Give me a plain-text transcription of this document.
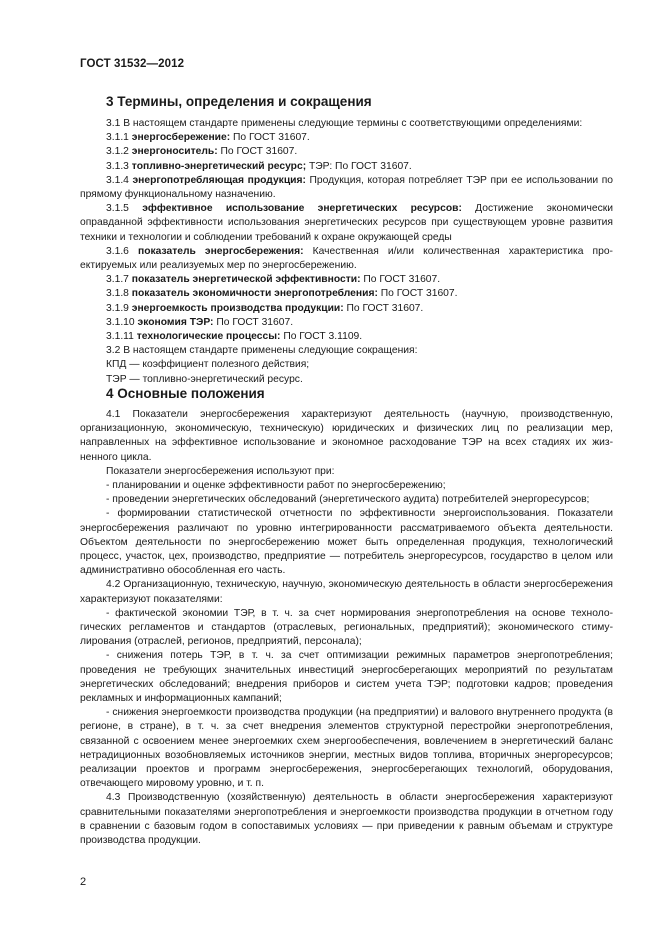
ГОСТ 31532—2012
3 Термины, определения и сокращения

3.1 В настоящем стандарте применены следующие термины с соответствующими определениями:

3.1.1 энергосбережение: По ГОСТ 31607.

3.1.2 энергоноситель: По ГОСТ 31607.

3.1.3 топливно-энергетический ресурс; ТЭР: По ГОСТ 31607.

3.1.4 энергопотребляющая продукция: Продукция, которая потребляет ТЭР при ее использовании по прямому функциональному назначению.

3.1.5 эффективное использование энергетических ресурсов: Достижение экономически оправданной эффективности использования энергетических ресурсов при существующем уровне развития техники и технологии и соблюдении требований к охране окружающей среды

3.1.6 показатель энергосбережения: Качественная и/или количественная характеристика проектируемых или реализуемых мер по энергосбережению.

3.1.7 показатель энергетической эффективности: По ГОСТ 31607.

3.1.8 показатель экономичности энергопотребления: По ГОСТ 31607.

3.1.9 энергоемкость производства продукции: По ГОСТ 31607.

3.1.10 экономия ТЭР: По ГОСТ 31607.

3.1.11 технологические процессы: По ГОСТ 3.1109.

3.2 В настоящем стандарте применены следующие сокращения:

КПД — коэффициент полезного действия;

ТЭР — топливно-энергетический ресурс.

4 Основные положения

4.1 Показатели энергосбережения характеризуют деятельность (научную, производственную, организационную, экономическую, техническую) юридических и физических лиц по реализации мер, направленных на эффективное использование и экономное расходование ТЭР на всех стадиях их жизненного цикла.

Показатели энергосбережения используют при:

- планировании и оценке эффективности работ по энергосбережению;

- проведении энергетических обследований (энергетического аудита) потребителей энергоресурсов;

- формировании статистической отчетности по эффективности энергоиспользования. Показатели энергосбережения различают по уровню интегрированности рассматриваемого объекта деятельности. Объектом деятельности по энергосбережению может быть определенная продукция, технологический процесс, участок, цех, производство, предприятие — потребитель энергоресурсов, государство в целом или административно обособленная его часть.

4.2 Организационную, техническую, научную, экономическую деятельность в области энергосбережения характеризуют показателями:

- фактической экономии ТЭР, в т. ч. за счет нормирования энергопотребления на основе технологических регламентов и стандартов (отраслевых, региональных, предприятий); экономического стимулирования (отраслей, регионов, предприятий, персонала);

- снижения потерь ТЭР, в т. ч. за счет оптимизации режимных параметров энергопотребления; проведения не требующих значительных инвестиций энергосберегающих мероприятий по результатам энергетических обследований; внедрения приборов и систем учета ТЭР; подготовки кадров; проведения рекламных и информационных кампаний;

- снижения энергоемкости производства продукции (на предприятии) и валового внутреннего продукта (в регионе, в стране), в т. ч. за счет внедрения элементов структурной перестройки энергопотребления, связанной с освоением менее энергоемких схем энергообеспечения, вовлечением в энергетический баланс нетрадиционных возобновляемых источников энергии, местных видов топлива, вторичных энергоресурсов; реализации проектов и программ энергосбережения, энергосберегающих технологий, оборудования, отвечающего мировому уровню, и т. п.

4.3 Производственную (хозяйственную) деятельность в области энергосбережения характеризуют сравнительными показателями энергопотребления и энергоемкости производства продукции в отчетном году в сравнении с базовым годом в сопоставимых условиях — при приведении к равным объемам и структуре производства продукции.

2
